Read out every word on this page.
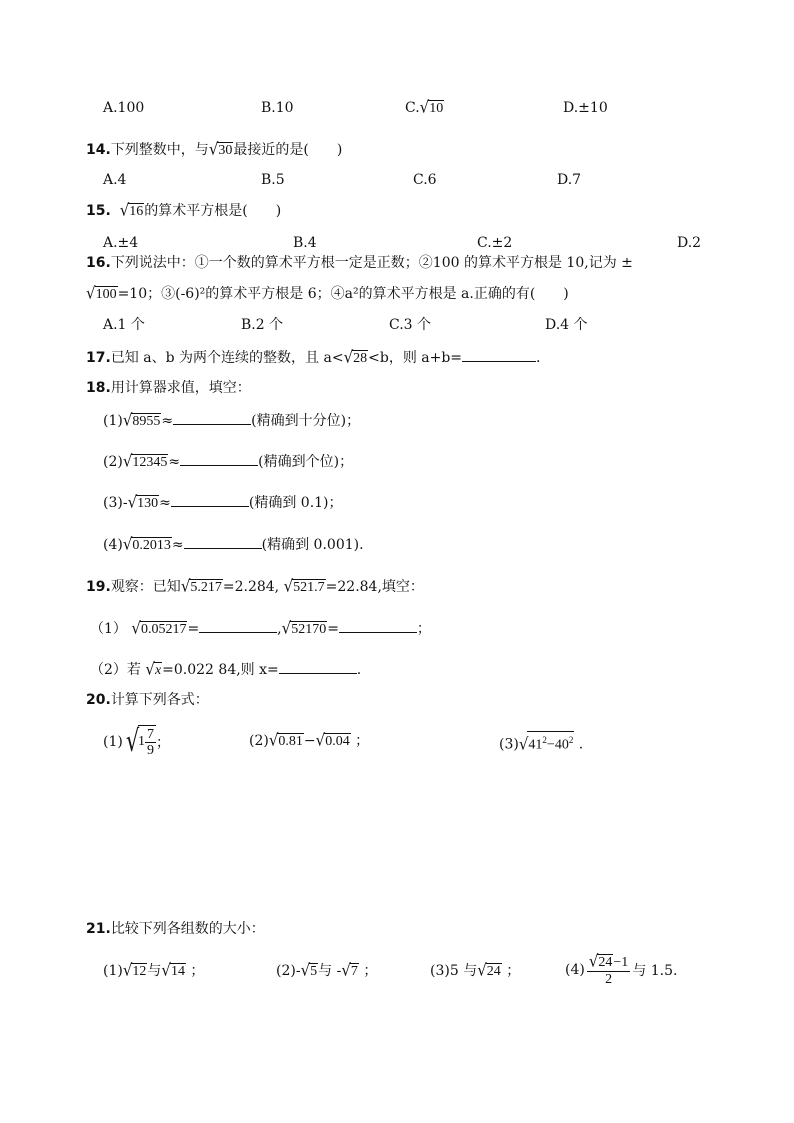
A.100	B.10	C.√10	D.±10
14.下列整数中，与√30最接近的是(　　)
A.4	B.5	C.6	D.7
15. √16的算术平方根是(　　)
A.±4	B.4	C.±2	D.2
16.下列说法中：①一个数的算术平方根一定是正数；②100 的算术平方根是 10,记为 ±
√100=10；③(-6)²的算术平方根是 6；④a²的算术平方根是 a.正确的有(　　)
A.1 个	B.2 个	C.3 个	D.4 个
17.已知 a、b 为两个连续的整数，且 a<√28<b，则 a+b=	.
18.用计算器求值，填空：
(1)√8955≈	(精确到十分位)；
(2)√12345≈	(精确到个位)；
(3)-√130≈	(精确到 0.1)；
(4)√0.2013≈	(精确到 0.001).
19.观察：已知√5.217=2.284, √521.7=22.84,填空：
（1） √0.05217=	,√52170=	；
（2）若 √x=0.022 84,则 x=	.
20.计算下列各式：
(1) √
$1 \frac{7}{9}$ ；	(2)√0.81−√0.04 ；	$(3)√41^2-40^2$ .
21.比较下列各组数的大小：
(1)√12与√14 ；	(2)-√5与 -√7 ；	(3)5 与√24 ；	$(4) \frac{√24-1}{2}$ 与 1.5.
